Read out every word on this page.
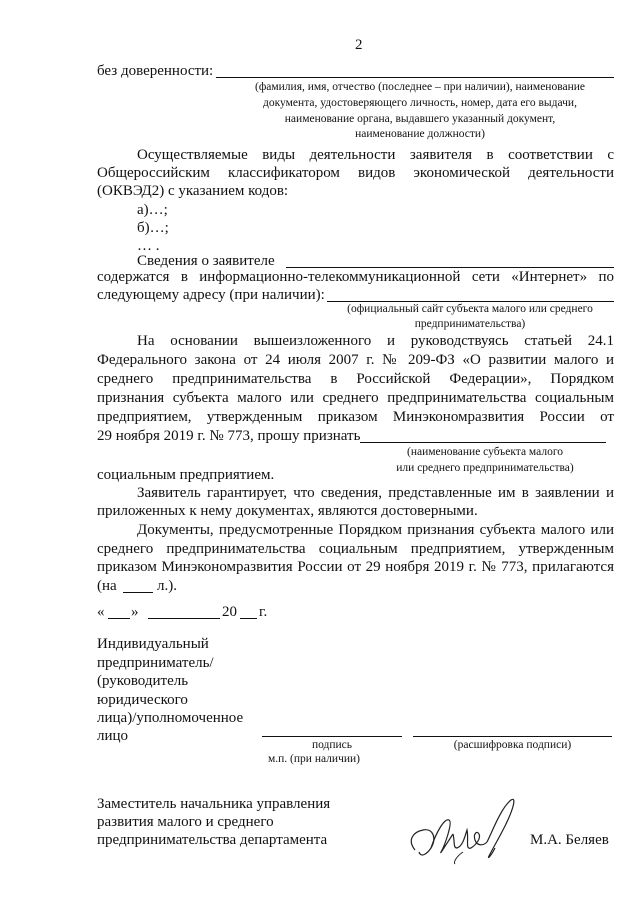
2
без доверенности:
(фамилия, имя, отчество (последнее – при наличии), наименование
документа, удостоверяющего личность, номер, дата его выдачи,
наименование органа, выдавшего указанный документ,
наименование должности)
Осуществляемые виды деятельности заявителя в соответствии с
Общероссийским классификатором видов экономической деятельности
(ОКВЭД2) с указанием кодов:
а)…;
б)…;
… .
Сведения о заявителе
содержатся в информационно-телекоммуникационной сети «Интернет» по
следующему адресу (при наличии):
(официальный сайт субъекта малого или среднего
предпринимательства)
На основании вышеизложенного и руководствуясь статьей 24.1
Федерального закона от 24 июля 2007 г. № 209-ФЗ «О развитии малого и
среднего предпринимательства в Российской Федерации», Порядком
признания субъекта малого или среднего предпринимательства социальным
предприятием, утвержденным приказом Минэкономразвития России от
29 ноября 2019 г. № 773, прошу признать
(наименование субъекта малого
или среднего предпринимательства)
социальным предприятием.
Заявитель гарантирует, что сведения, представленные им в заявлении и
приложенных к нему документах, являются достоверными.
Документы, предусмотренные Порядком признания субъекта малого или
среднего предпринимательства социальным предприятием, утвержденным
приказом Минэкономразвития России от 29 ноября 2019 г. № 773, прилагаются
(на	л.).
« »	20 г.
Индивидуальный
предприниматель/
(руководитель
юридического
лица)/уполномоченное
лицо
подпись	(расшифровка подписи)
м.п. (при наличии)
Заместитель начальника управления
развития малого и среднего
предпринимательства департамента	М.А. Беляев
